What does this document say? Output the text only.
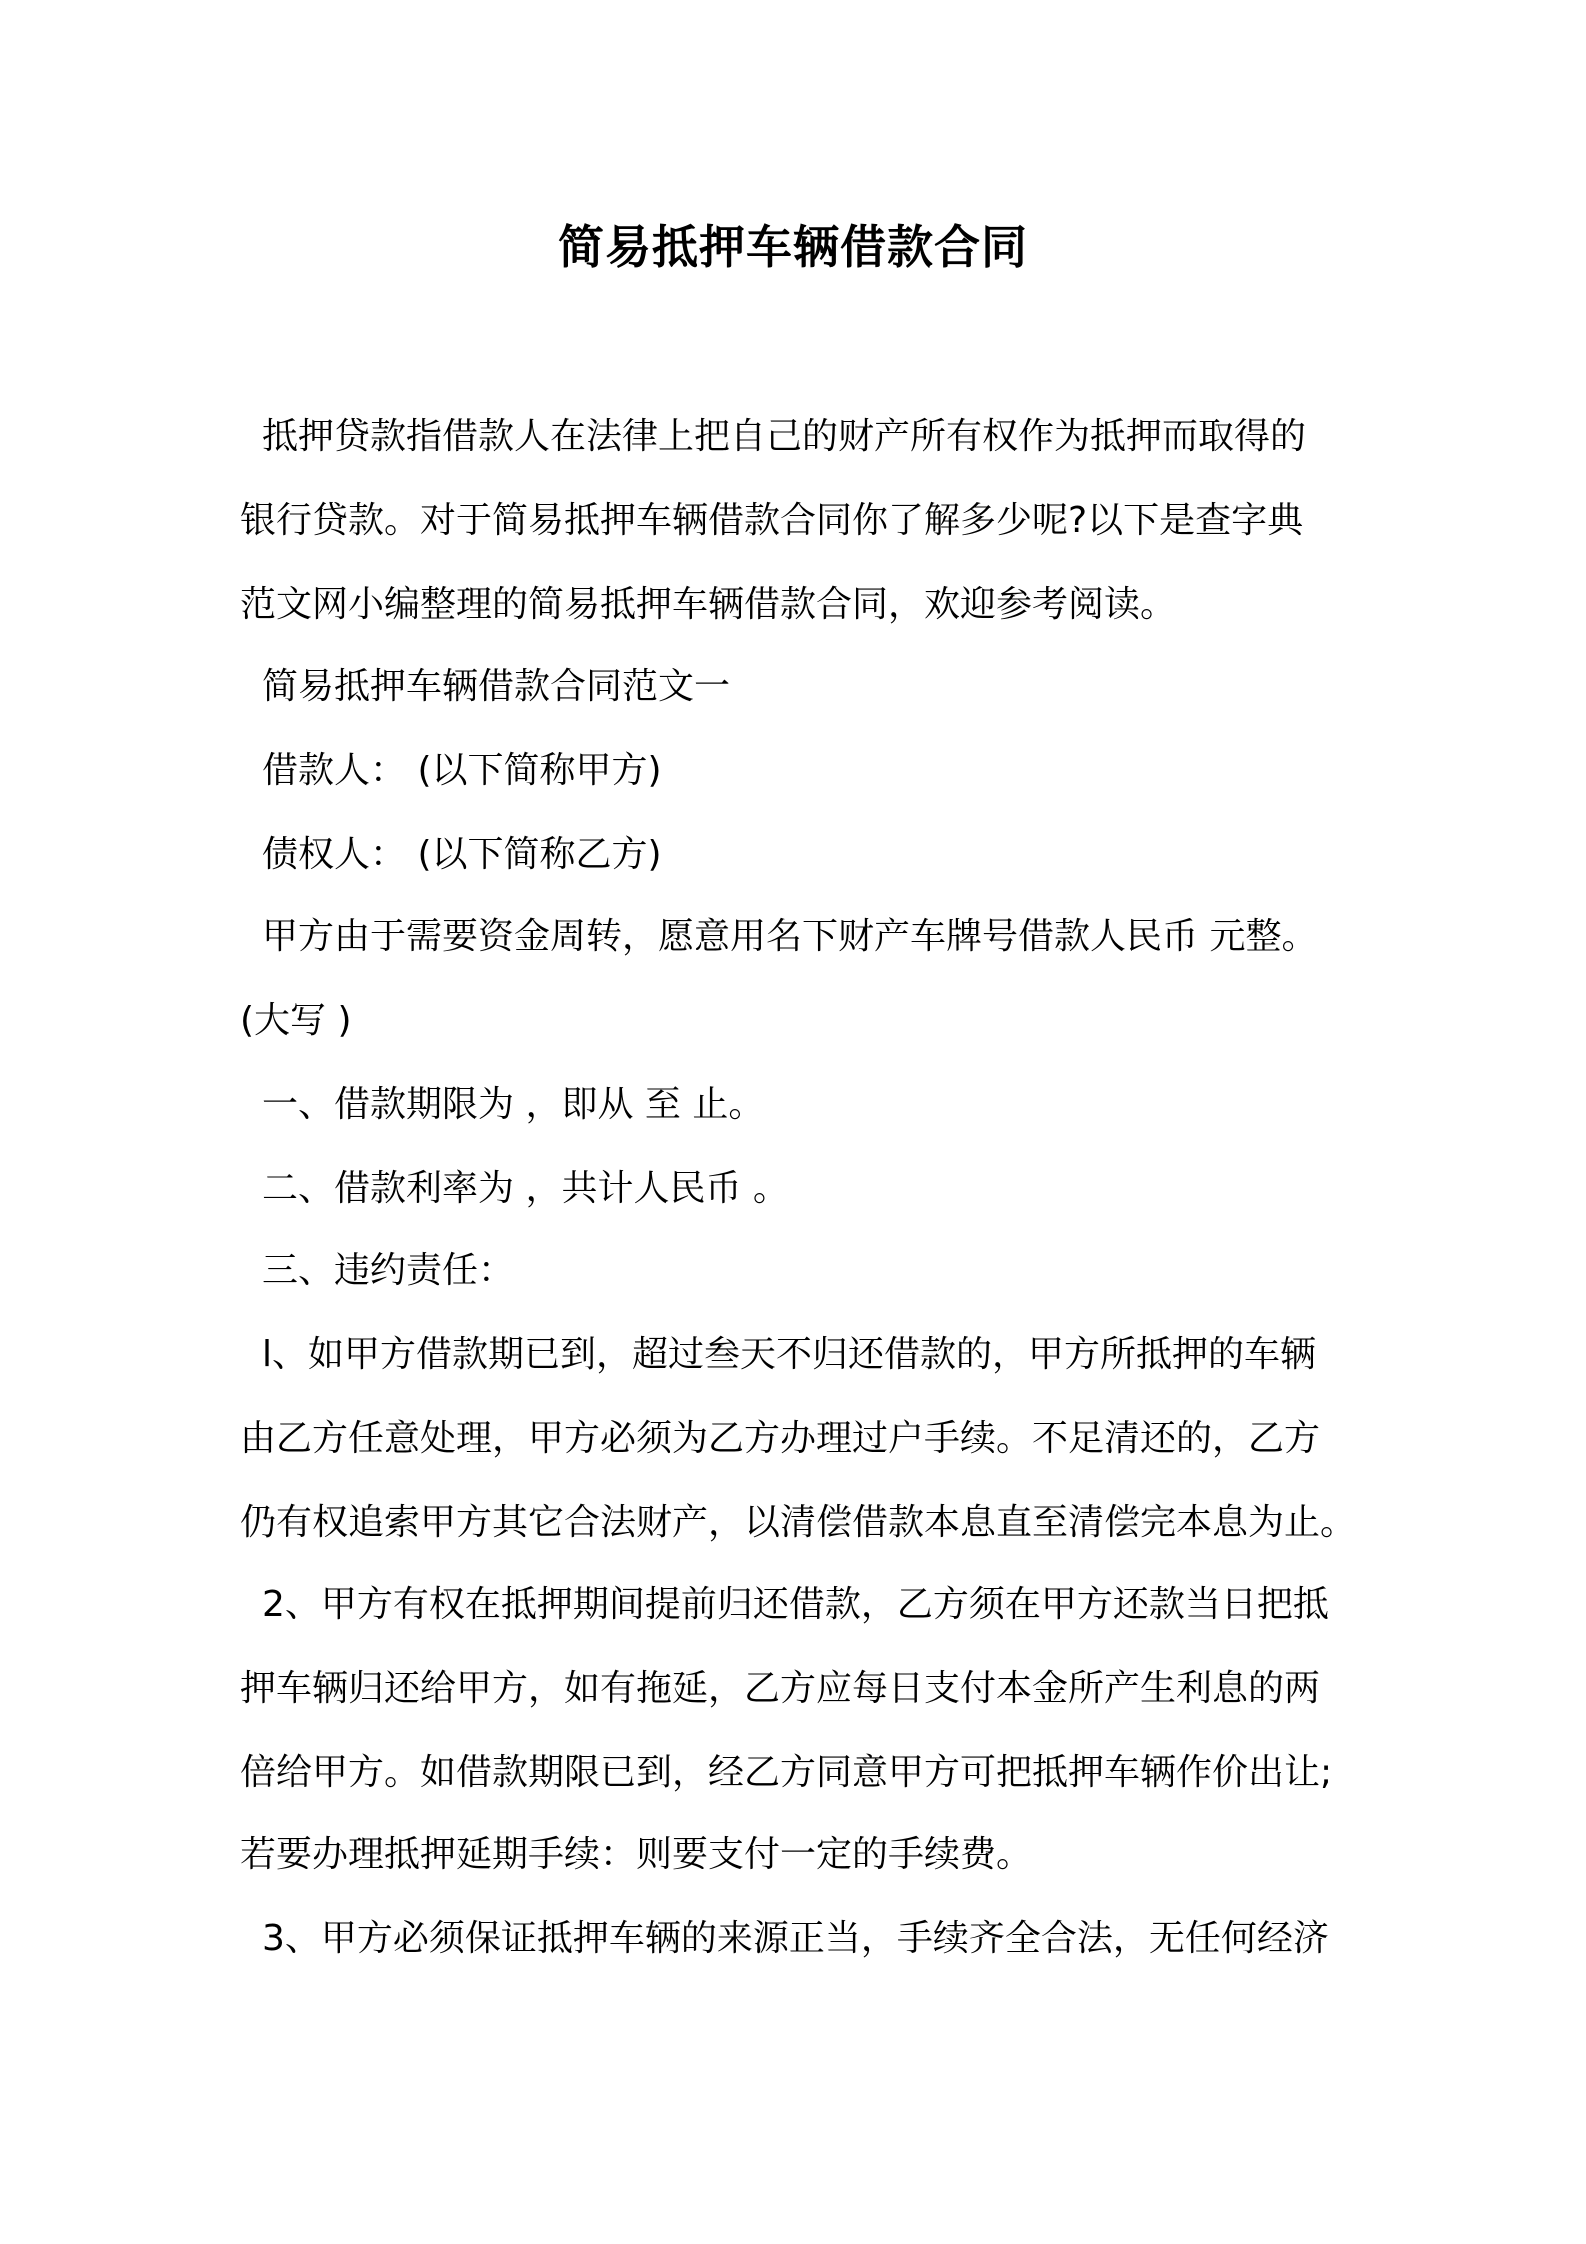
简易抵押车辆借款合同
抵押贷款指借款人在法律上把自己的财产所有权作为抵押而取得的
银行贷款。对于简易抵押车辆借款合同你了解多少呢?以下是查字典
范文网小编整理的简易抵押车辆借款合同，欢迎参考阅读。
简易抵押车辆借款合同范文一
借款人： (以下简称甲方)
债权人： (以下简称乙方)
甲方由于需要资金周转，愿意用名下财产车牌号借款人民币 元整。
(大写 )
一、借款期限为 ，即从 至 止。
二、借款利率为 ，共计人民币 。
三、违约责任：
l、如甲方借款期已到，超过叁天不归还借款的，甲方所抵押的车辆
由乙方任意处理，甲方必须为乙方办理过户手续。不足清还的，乙方
仍有权追索甲方其它合法财产，以清偿借款本息直至清偿完本息为止。
2、甲方有权在抵押期间提前归还借款，乙方须在甲方还款当日把抵
押车辆归还给甲方，如有拖延，乙方应每日支付本金所产生利息的两
倍给甲方。如借款期限已到，经乙方同意甲方可把抵押车辆作价出让;
若要办理抵押延期手续：则要支付一定的手续费。
3、甲方必须保证抵押车辆的来源正当，手续齐全合法，无任何经济
